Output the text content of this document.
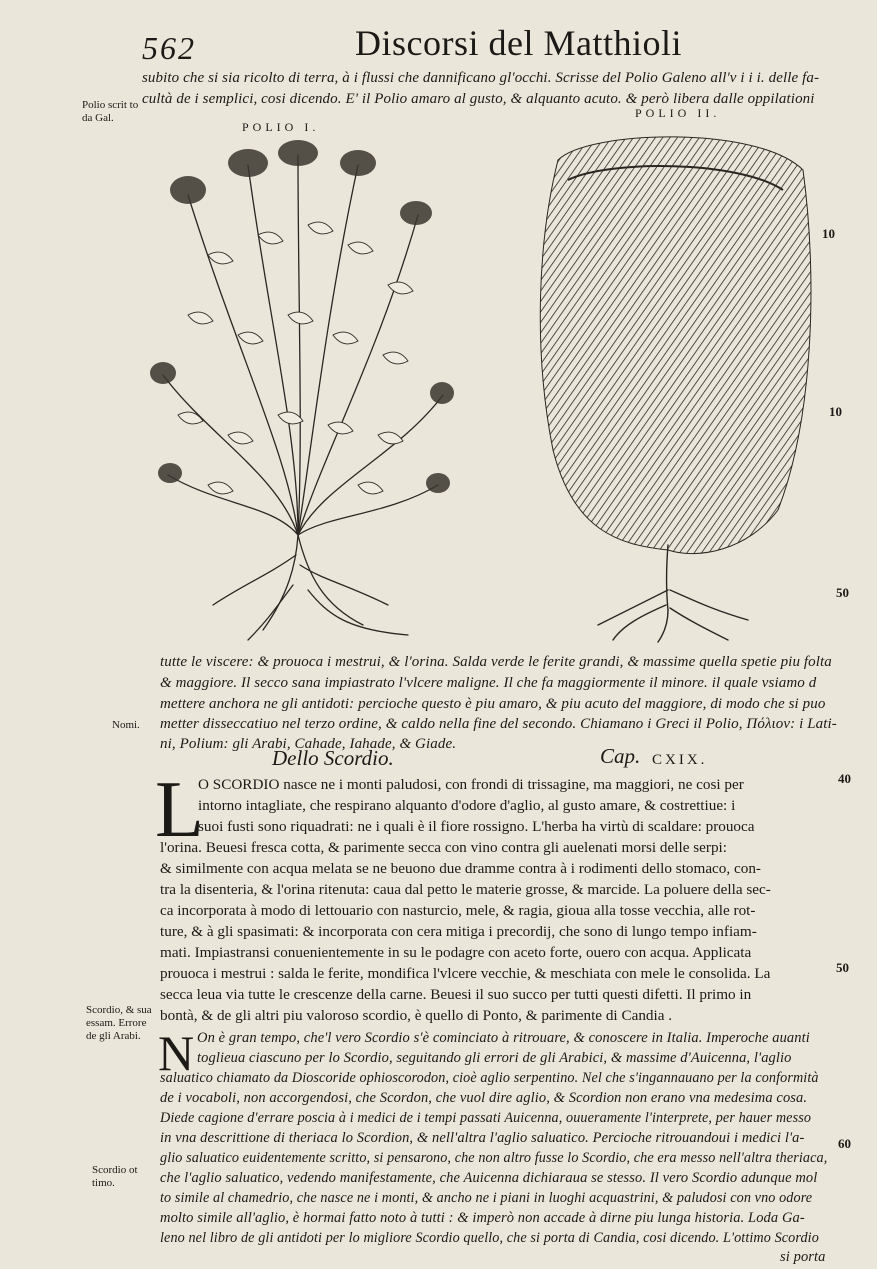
562	Discorsi del Matthioli
subito che si sia ricolto di terra, à i flussi che dannificano gl'occhi. Scrisse del Polio Galeno all'v i i i. delle fa-
cultà de i semplici, cosi dicendo. E' il Polio amaro al gusto, & alquanto acuto. & però libera dalle oppilationi
Polio scrit to da Gal.
POLIO I.
POLIO II.
10
10
50
40
50
60
tutte le viscere: & prouoca i mestrui, & l'orina. Salda verde le ferite grandi, & massime quella spetie piu folta
& maggiore. Il secco sana impiastrato l'vlcere maligne. Il che fa maggiormente il minore. il quale vsiamo d
mettere anchora ne gli antidoti: percioche questo è piu amaro, & piu acuto del maggiore, di modo che si puo
metter disseccatiuo nel terzo ordine, & caldo nella fine del secondo. Chiamano i Greci il Polio, Πόλιον: i Lati-
ni, Polium: gli Arabi, Cahade, Iahade, & Giade.
Nomi.
Dello Scordio.	Cap. CXIX.
L
O SCORDIO nasce ne i monti paludosi, con frondi di trissagine, ma maggiori, ne cosi per
intorno intagliate, che respirano alquanto d'odore d'aglio, al gusto amare, & costrettiue: i
suoi fusti sono riquadrati: ne i quali è il fiore rossigno. L'herba ha virtù di scaldare: prouoca
l'orina. Beuesi fresca cotta, & parimente secca con vino contra gli auelenati morsi delle serpi:
& similmente con acqua melata se ne beuono due dramme contra à i rodimenti dello stomaco, con-
tra la disenteria, & l'orina ritenuta: caua dal petto le materie grosse, & marcide. La poluere della sec-
ca incorporata à modo di lettouario con nasturcio, mele, & ragia, gioua alla tosse vecchia, alle rot-
ture, & à gli spasimati: & incorporata con cera mitiga i precordij, che sono di lungo tempo infiam-
mati. Impiastransi conuenientemente in su le podagre con aceto forte, ouero con acqua. Applicata
prouoca i mestrui : salda le ferite, mondifica l'vlcere vecchie, & meschiata con mele le consolida. La
secca leua via tutte le crescenze della carne. Beuesi il suo succo per tutti questi difetti. Il primo in
bontà, & de gli altri piu valoroso scordio, è quello di Ponto, & parimente di Candia .
N On è gran tempo, che'l vero Scordio s'è cominciato à ritrouare, & conoscere in Italia. Imperoche auanti
toglieua ciascuno per lo Scordio, seguitando gli errori de gli Arabici, & massime d'Auicenna, l'aglio
saluatico chiamato da Dioscoride ophioscorodon, cioè aglio serpentino. Nel che s'ingannauano per la conformità
de i vocaboli, non accorgendosi, che Scordon, che vuol dire aglio, & Scordion non erano vna medesima cosa.
Diede cagione d'errare poscia à i medici de i tempi passati Auicenna, ouueramente l'interprete, per hauer messo
in vna descrittione di theriaca lo Scordion, & nell'altra l'aglio saluatico. Percioche ritrouandoui i medici l'a-
glio saluatico euidentemente scritto, si pensarono, che non altro fusse lo Scordio, che era messo nell'altra theriaca,
che l'aglio saluatico, vedendo manifestamente, che Auicenna dichiaraua se stesso. Il vero Scordio adunque mol
to simile al chamedrio, che nasce ne i monti, & ancho ne i piani in luoghi acquastrini, & paludosi con vno odore
molto simile all'aglio, è hormai fatto noto à tutti : & imperò non accade à dirne piu lunga historia. Loda Ga-
leno nel libro de gli antidoti per lo migliore Scordio quello, che si porta di Candia, cosi dicendo. L'ottimo Scordio
si porta
Scordio, & sua essam. Errore de gli Arabi.
Scordio ot timo.
